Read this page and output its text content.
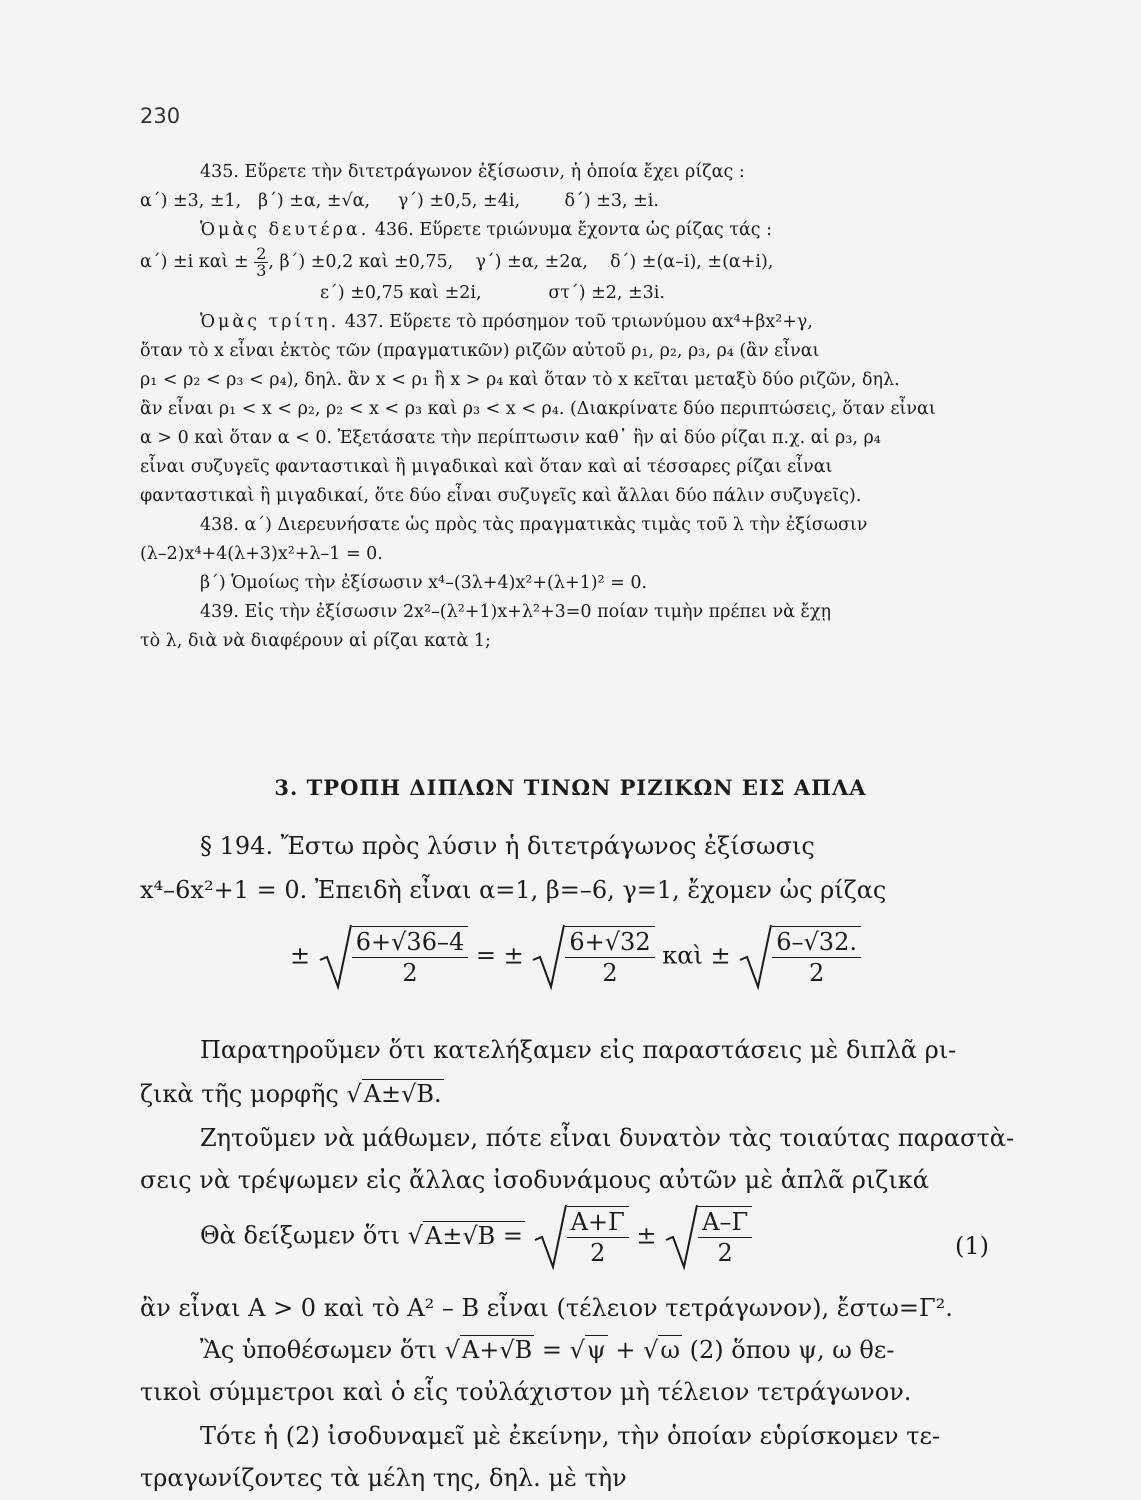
230
435. Εὕρετε τὴν διτετράγωνον ἐξίσωσιν, ἡ ὁποία ἔχει ρίζας :
α΄) ±3, ±1, β΄) ±α, ±√α, γ΄) ±0,5, ±4i,	δ΄) ±3, ±i.
Ὁμὰς δευτέρα. 436. Εὕρετε τριώνυμα ἔχοντα ὡς ρίζας τάς :
α΄) ±i καὶ ± $\frac{2}{3}$ , β΄) ±0,2 καὶ ±0,75, γ΄) ±α, ±2α, δ΄) ±(α–i), ±(α+i),
ε΄) ±0,75 καὶ ±2i,	στ΄) ±2, ±3i.
Ὁμὰς τρίτη. 437. Εὕρετε τὸ πρόσημον τοῦ τριωνύμου αx⁴+βx²+γ,
ὅταν τὸ x εἶναι ἐκτὸς τῶν (πραγματικῶν) ριζῶν αὐτοῦ ρ₁, ρ₂, ρ₃, ρ₄ (ἂν εἶναι
ρ₁ < ρ₂ < ρ₃ < ρ₄), δηλ. ἂν x < ρ₁ ἢ x > ρ₄ καὶ ὅταν τὸ x κεῖται μεταξὺ δύο ριζῶν, δηλ.
ἂν εἶναι ρ₁ < x < ρ₂, ρ₂ < x < ρ₃ καὶ ρ₃ < x < ρ₄. (Διακρίνατε δύο περιπτώσεις, ὅταν εἶναι
α > 0 καὶ ὅταν α < 0. Ἐξετάσατε τὴν περίπτωσιν καθ᾿ ἣν αἱ δύο ρίζαι π.χ. αἱ ρ₃, ρ₄
εἶναι συζυγεῖς φανταστικαὶ ἢ μιγαδικαὶ καὶ ὅταν καὶ αἱ τέσσαρες ρίζαι εἶναι
φανταστικαὶ ἢ μιγαδικαί, ὅτε δύο εἶναι συζυγεῖς καὶ ἄλλαι δύο πάλιν συζυγεῖς).
438. α΄) Διερευνήσατε ὡς πρὸς τὰς πραγματικὰς τιμὰς τοῦ λ τὴν ἐξίσωσιν
(λ–2)x⁴+4(λ+3)x²+λ–1 = 0.
β΄) Ὁμοίως τὴν ἐξίσωσιν x⁴–(3λ+4)x²+(λ+1)² = 0.
439. Εἰς τὴν ἐξίσωσιν 2x²–(λ²+1)x+λ²+3=0 ποίαν τιμὴν πρέπει νὰ ἔχῃ
τὸ λ, διὰ νὰ διαφέρουν αἱ ρίζαι κατὰ 1;
3. ΤΡΟΠΗ ΔΙΠΛΩΝ ΤΙΝΩΝ ΡΙΖΙΚΩΝ ΕΙΣ ΑΠΛΑ
§ 194. Ἔστω πρὸς λύσιν ἡ διτετράγωνος ἐξίσωσις
x⁴–6x²+1 = 0. Ἐπειδὴ εἶναι α=1, β=–6, γ=1, ἔχομεν ὡς ρίζας
± $\frac{6+√36-4}{2}$ = ± $\frac{6+√32}{2}$ καὶ ± $\frac{6-√32.}{2}$
Παρατηροῦμεν ὅτι κατελήξαμεν εἰς παραστάσεις μὲ διπλᾶ ρι-
ζικὰ τῆς μορφῆς √A±√B.
Ζητοῦμεν νὰ μάθωμεν, πότε εἶναι δυνατὸν τὰς τοιαύτας παραστὰ-
σεις νὰ τρέψωμεν εἰς ἄλλας ἰσοδυνάμους αὐτῶν μὲ ἁπλᾶ ριζικά
Θὰ δείξωμεν ὅτι $√A\pm√B = \frac{A+\Gamma}{2} \pm \frac{A-\Gamma}{2}$	(1)
ἂν εἶναι A > 0 καὶ τὸ A² – B εἶναι (τέλειον τετράγωνον), ἔστω=Γ².
Ἂς ὑποθέσωμεν ὅτι √A+√B = √ψ + √ω (2) ὅπου ψ, ω θε-
τικοὶ σύμμετροι καὶ ὁ εἷς τοὐλάχιστον μὴ τέλειον τετράγωνον.
Τότε ἡ (2) ἰσοδυναμεῖ μὲ ἐκείνην, τὴν ὁποίαν εὑρίσκομεν τε-
τραγωνίζοντες τὰ μέλη της, δηλ. μὲ τὴν
